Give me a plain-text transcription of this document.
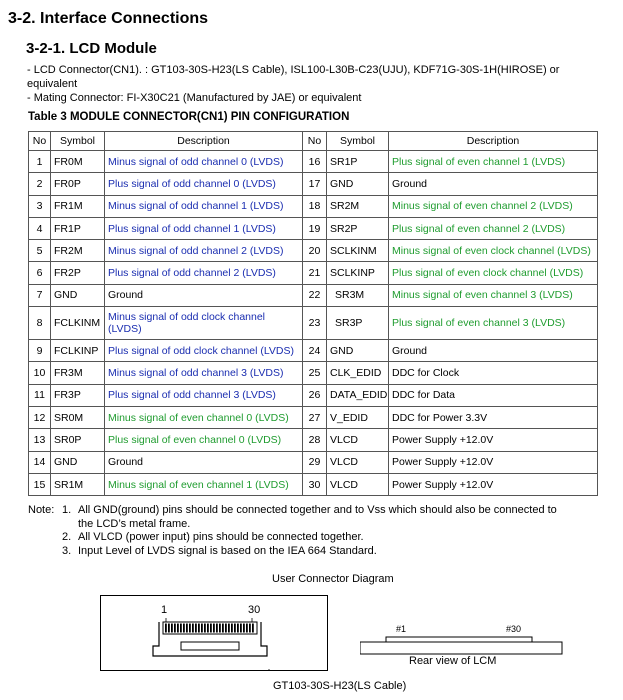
3-2. Interface Connections
3-2-1. LCD Module
- LCD Connector(CN1). : GT103-30S-H23(LS Cable), ISL100-L30B-C23(UJU), KDF71G-30S-1H(HIROSE) or
equivalent
- Mating Connector: FI-X30C21 (Manufactured by JAE) or equivalent
Table 3 MODULE CONNECTOR(CN1) PIN CONFIGURATION
No	Symbol	Description	No	Symbol	Description
1	FR0M	Minus signal of odd channel 0 (LVDS)	16	SR1P	Plus signal of even channel 1 (LVDS)
2	FR0P	Plus signal of odd channel 0 (LVDS)	17	GND	Ground
3	FR1M	Minus signal of odd channel 1 (LVDS)	18	SR2M	Minus signal of even channel 2 (LVDS)
4	FR1P	Plus signal of odd channel 1 (LVDS)	19	SR2P	Plus signal of even channel 2 (LVDS)
5	FR2M	Minus signal of odd channel 2 (LVDS)	20	SCLKINM	Minus signal of even clock channel (LVDS)
6	FR2P	Plus signal of odd channel 2 (LVDS)	21	SCLKINP	Plus signal of even clock channel (LVDS)
7	GND	Ground	22	SR3M	Minus signal of even channel 3 (LVDS)
8	FCLKINM	Minus signal of odd clock channel (LVDS)	23	SR3P	Plus signal of even channel 3 (LVDS)
9	FCLKINP	Plus signal of odd clock channel (LVDS)	24	GND	Ground
10	FR3M	Minus signal of odd channel 3 (LVDS)	25	CLK_EDID	DDC for Clock
11	FR3P	Plus signal of odd channel 3 (LVDS)	26	DATA_EDID	DDC for Data
12	SR0M	Minus signal of even channel 0 (LVDS)	27	V_EDID	DDC for Power 3.3V
13	SR0P	Plus signal of even channel 0 (LVDS)	28	VLCD	Power Supply +12.0V
14	GND	Ground	29	VLCD	Power Supply +12.0V
15	SR1M	Minus signal of even channel 1 (LVDS)	30	VLCD	Power Supply +12.0V
Note: 1. All GND(ground) pins should be connected together and to Vss which should also be connected to
the LCD’s metal frame.
2. All VLCD (power input) pins should be connected together.
3. Input Level of LVDS signal is based on the IEA 664 Standard.
User Connector Diagram
1	30
#1	#30
Rear view of LCM
GT103-30S-H23(LS Cable)
